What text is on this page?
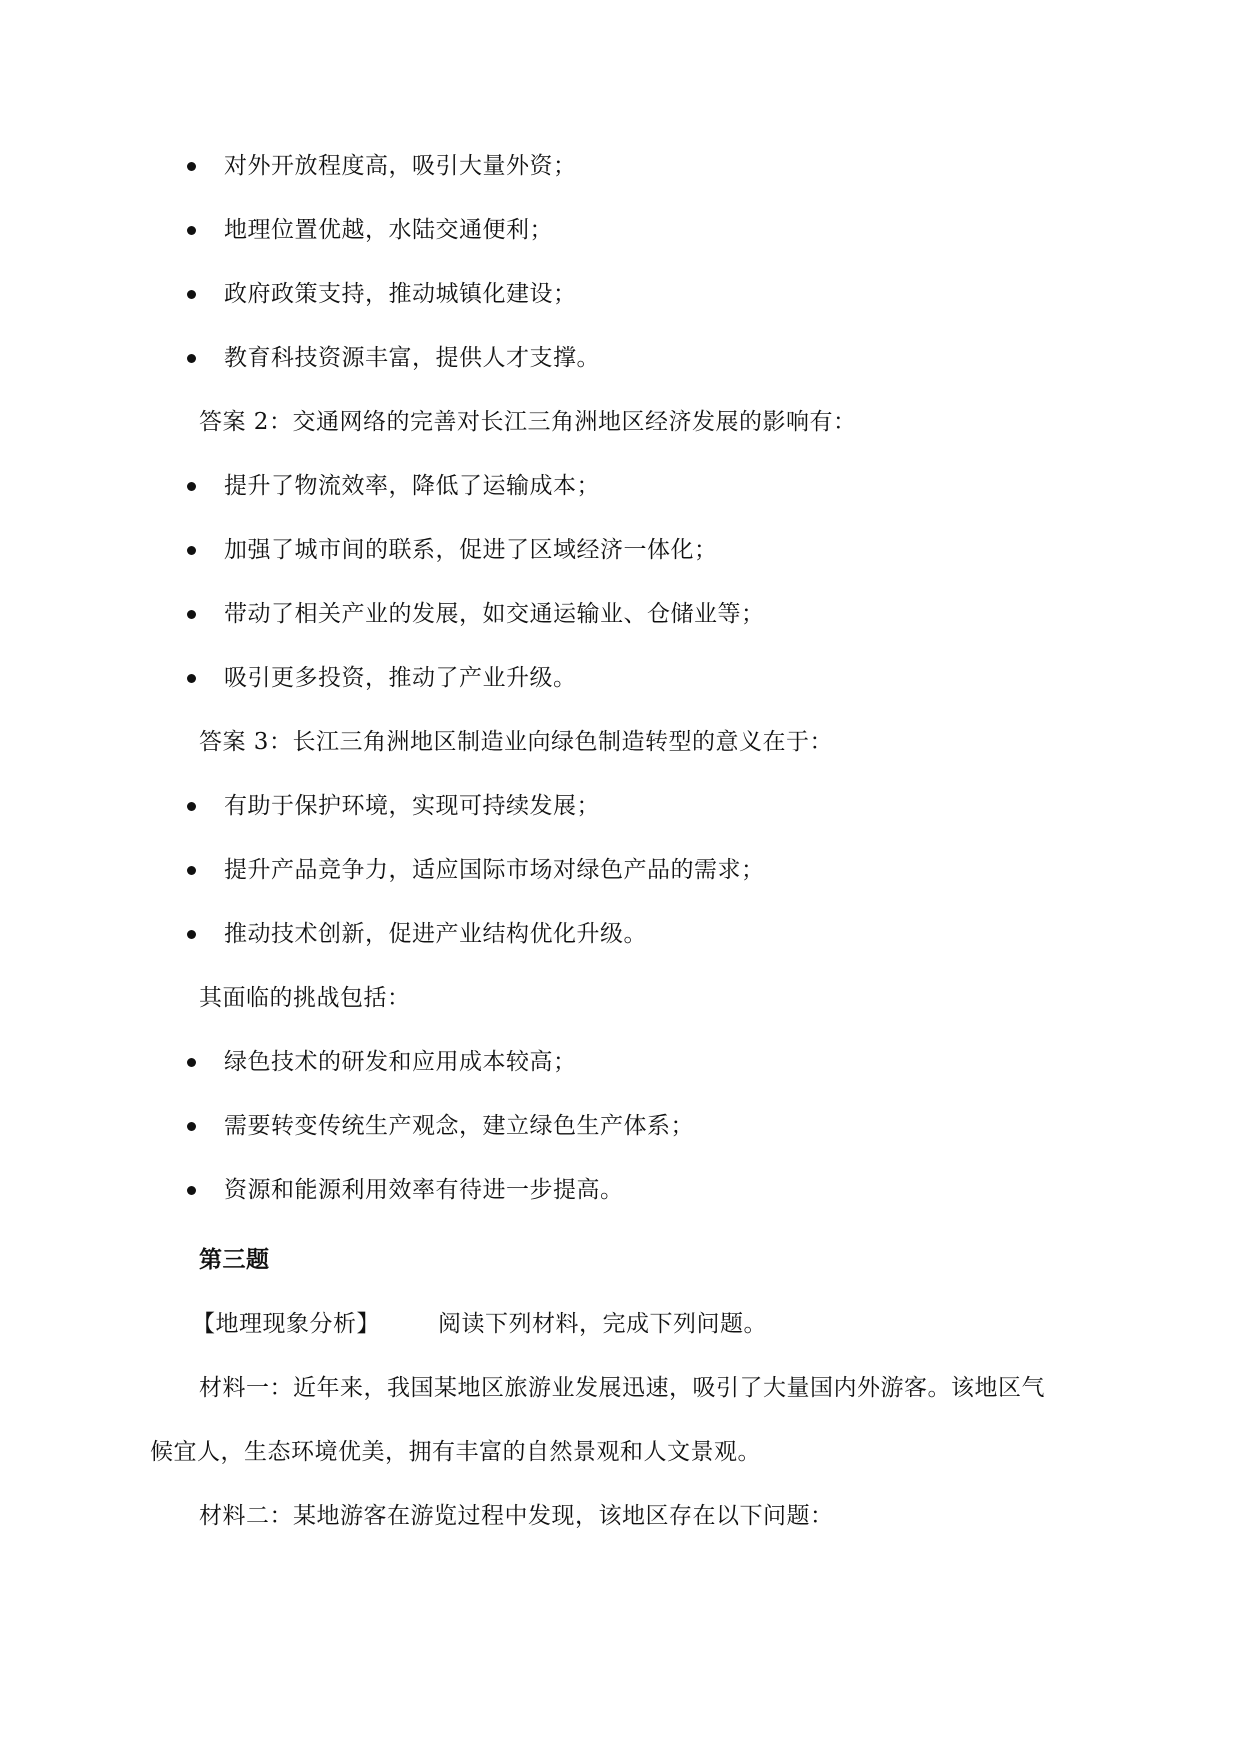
对外开放程度高，吸引大量外资；
地理位置优越，水陆交通便利；
政府政策支持，推动城镇化建设；
教育科技资源丰富，提供人才支撑。
答案 2：交通网络的完善对长江三角洲地区经济发展的影响有：
提升了物流效率，降低了运输成本；
加强了城市间的联系，促进了区域经济一体化；
带动了相关产业的发展，如交通运输业、仓储业等；
吸引更多投资，推动了产业升级。
答案 3：长江三角洲地区制造业向绿色制造转型的意义在于：
有助于保护环境，实现可持续发展；
提升产品竞争力，适应国际市场对绿色产品的需求；
推动技术创新，促进产业结构优化升级。
其面临的挑战包括：
绿色技术的研发和应用成本较高；
需要转变传统生产观念，建立绿色生产体系；
资源和能源利用效率有待进一步提高。
第三题
【地理现象分析】	阅读下列材料，完成下列问题。
材料一：近年来，我国某地区旅游业发展迅速，吸引了大量国内外游客。该地区气
候宜人，生态环境优美，拥有丰富的自然景观和人文景观。
材料二：某地游客在游览过程中发现，该地区存在以下问题：
